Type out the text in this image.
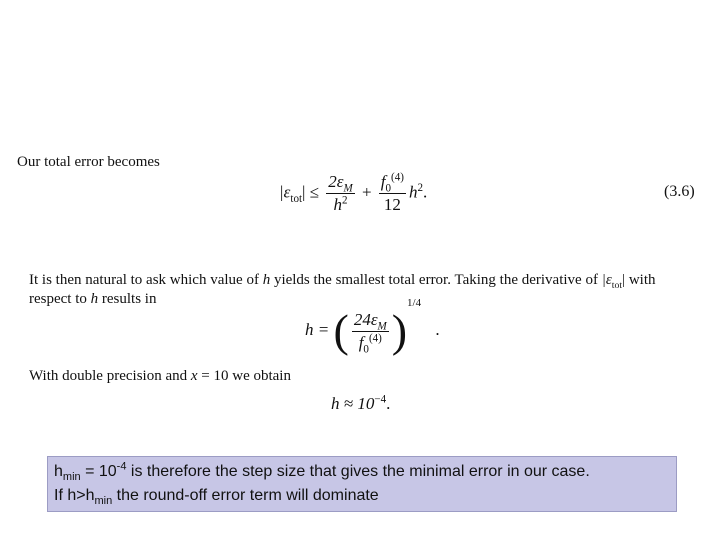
Our total error becomes
$|\varepsilon_{tot}| \le \frac{2\varepsilon_M}{h^2} + \frac{f_0^{(4)}}{12} h^2$.	(3.6)
It is then natural to ask which value of h yields the smallest total error. Taking the derivative of $|\varepsilon_{tot}|$ with
respect to h results in
h = ( $\frac{24\varepsilon_M}{f_0^{(4)}} )^{1/4}$ .
With double precision and x = 10 we obtain
$h \approx 10^{-4}$.
$h_{min} = 10^{-4}$ is therefore the step size that gives the minimal error in our case.
If $h>h_{min}$ the round-off error term will dominate
